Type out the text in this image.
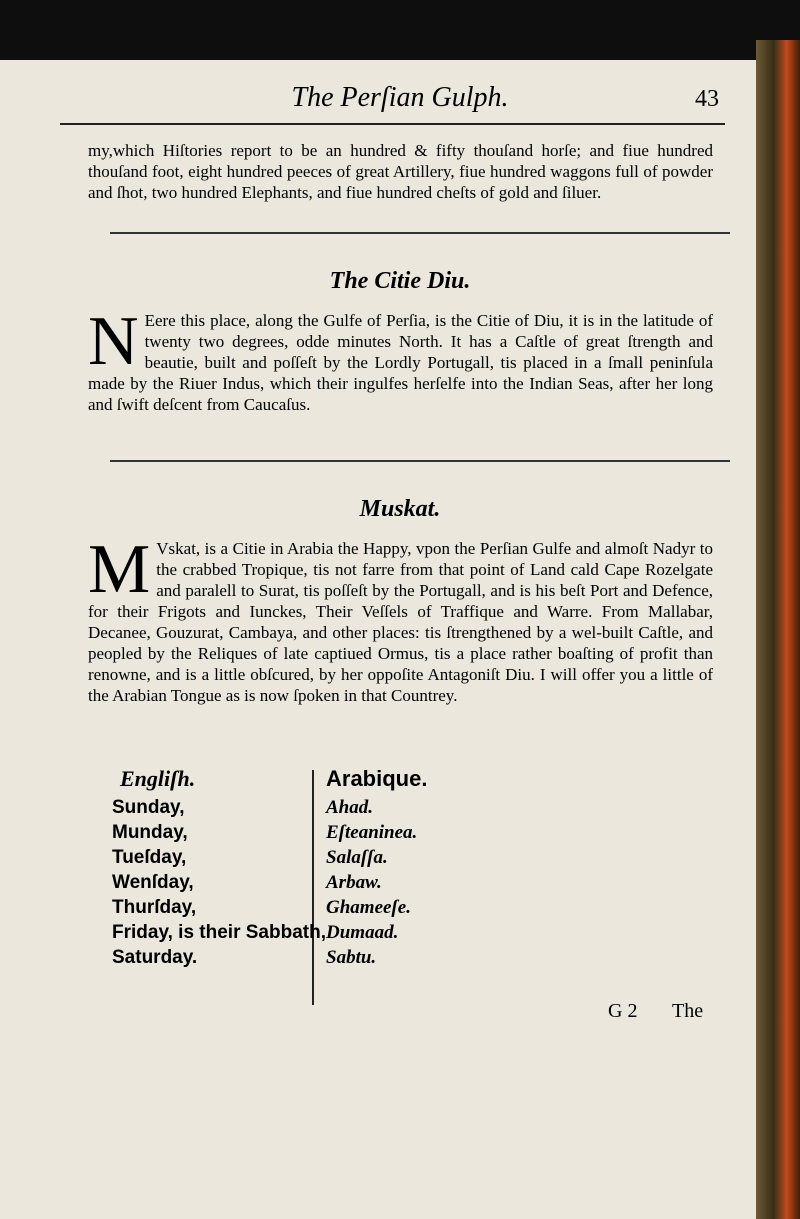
The Perſian Gulph.	43
my,which Hiſtories report to be an hundred & fifty thouſand horſe; and fiue hundred thouſand foot, eight hundred peeces of great Artillery, fiue hundred waggons full of powder and ſhot, two hundred Elephants, and fiue hundred cheſts of gold and ſiluer.
The Citie Diu.
N Eere this place, along the Gulfe of Perſia, is the Citie of Diu, it is in the latitude of twenty two degrees, odde minutes North. It has a Caſtle of great ſtrength and beautie, built and poſſeſt by the Lordly Portugall, tis placed in a ſmall peninſula made by the Riuer Indus, which their ingulfes herſelfe into the Indian Seas, after her long and ſwift deſcent from Caucaſus.
Muskat.
M Vskat, is a Citie in Arabia the Happy, vpon the Perſian Gulfe and almoſt Nadyr to the crabbed Tropique, tis not farre from that point of Land cald Cape Rozelgate and paralell to Surat, tis poſſeſt by the Portugall, and is his beſt Port and Defence, for their Frigots and Iunckes, Their Veſſels of Traffique and Warre. From Mallabar, Decanee, Gouzurat, Cambaya, and other places: tis ſtrengthened by a wel-built Caſtle, and peopled by the Reliques of late captiued Ormus, tis a place rather boaſting of profit than renowne, and is a little obſcured, by her oppoſite Antagoniſt Diu. I will offer you a little of the Arabian Tongue as is now ſpoken in that Countrey.
Engliſh.	Arabique.
Sunday,
Munday,
Tueſday,
Wenſday,
Thurſday,
Friday, is their Sabbath,
Saturday.
Ahad.
Eſteaninea.
Salaſſa.
Arbaw.
Ghameeſe.
Dumaad.
Sabtu.
G 2 The
